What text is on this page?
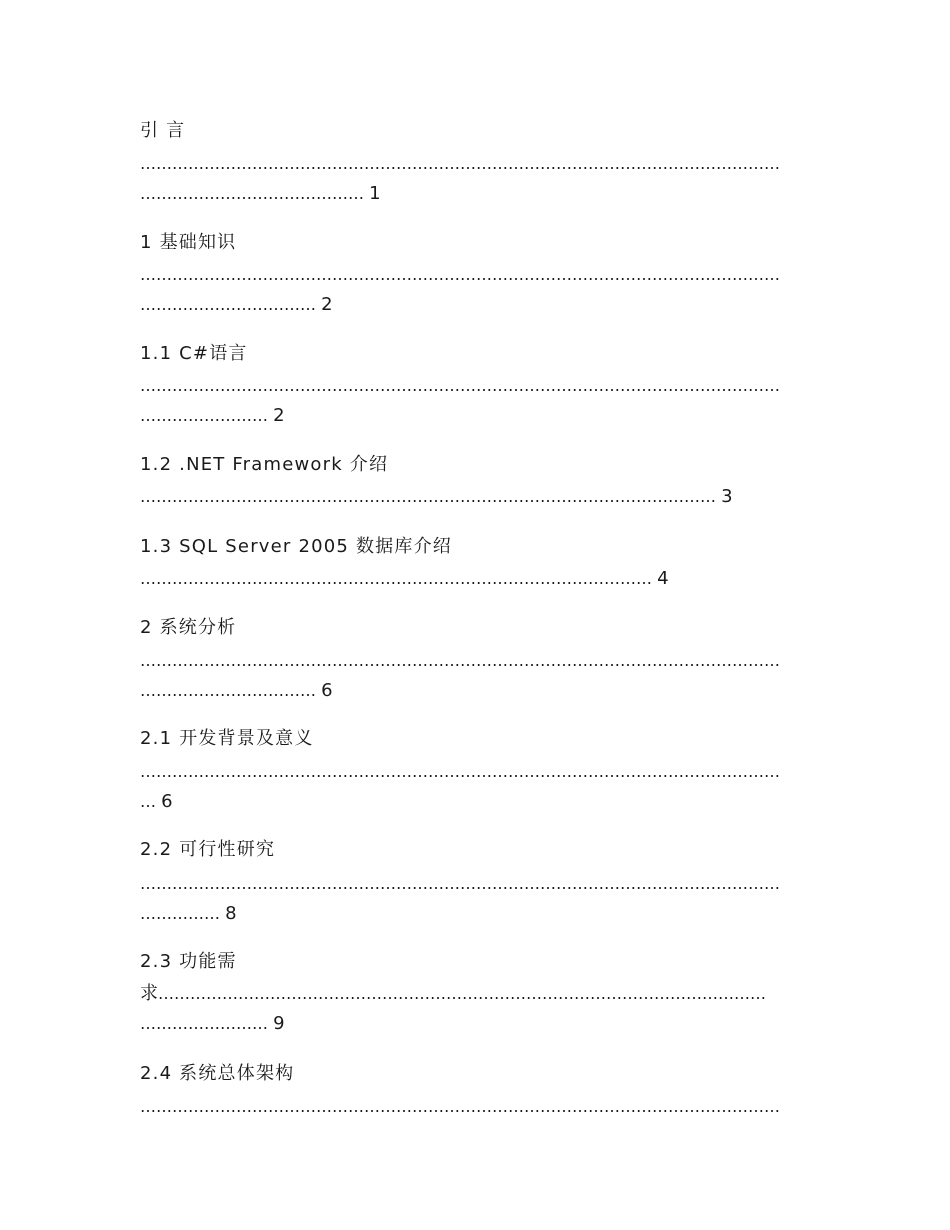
引 言
…………………………………………………………………………………………………………
…………………………………… 1
1 基础知识
…………………………………………………………………………………………………………
…………………………… 2
1.1 C#语言
…………………………………………………………………………………………………………
…………………… 2
1.2 .NET Framework 介绍
……………………………………………………………………………………………… 3
1.3 SQL Server 2005 数据库介绍
…………………………………………………………………………………… 4
2 系统分析
…………………………………………………………………………………………………………
…………………………… 6
2.1 开发背景及意义
…………………………………………………………………………………………………………
… 6
2.2 可行性研究
…………………………………………………………………………………………………………
…………… 8
2.3 功能需
求……………………………………………………………………………………………………
…………………… 9
2.4 系统总体架构
…………………………………………………………………………………………………………
